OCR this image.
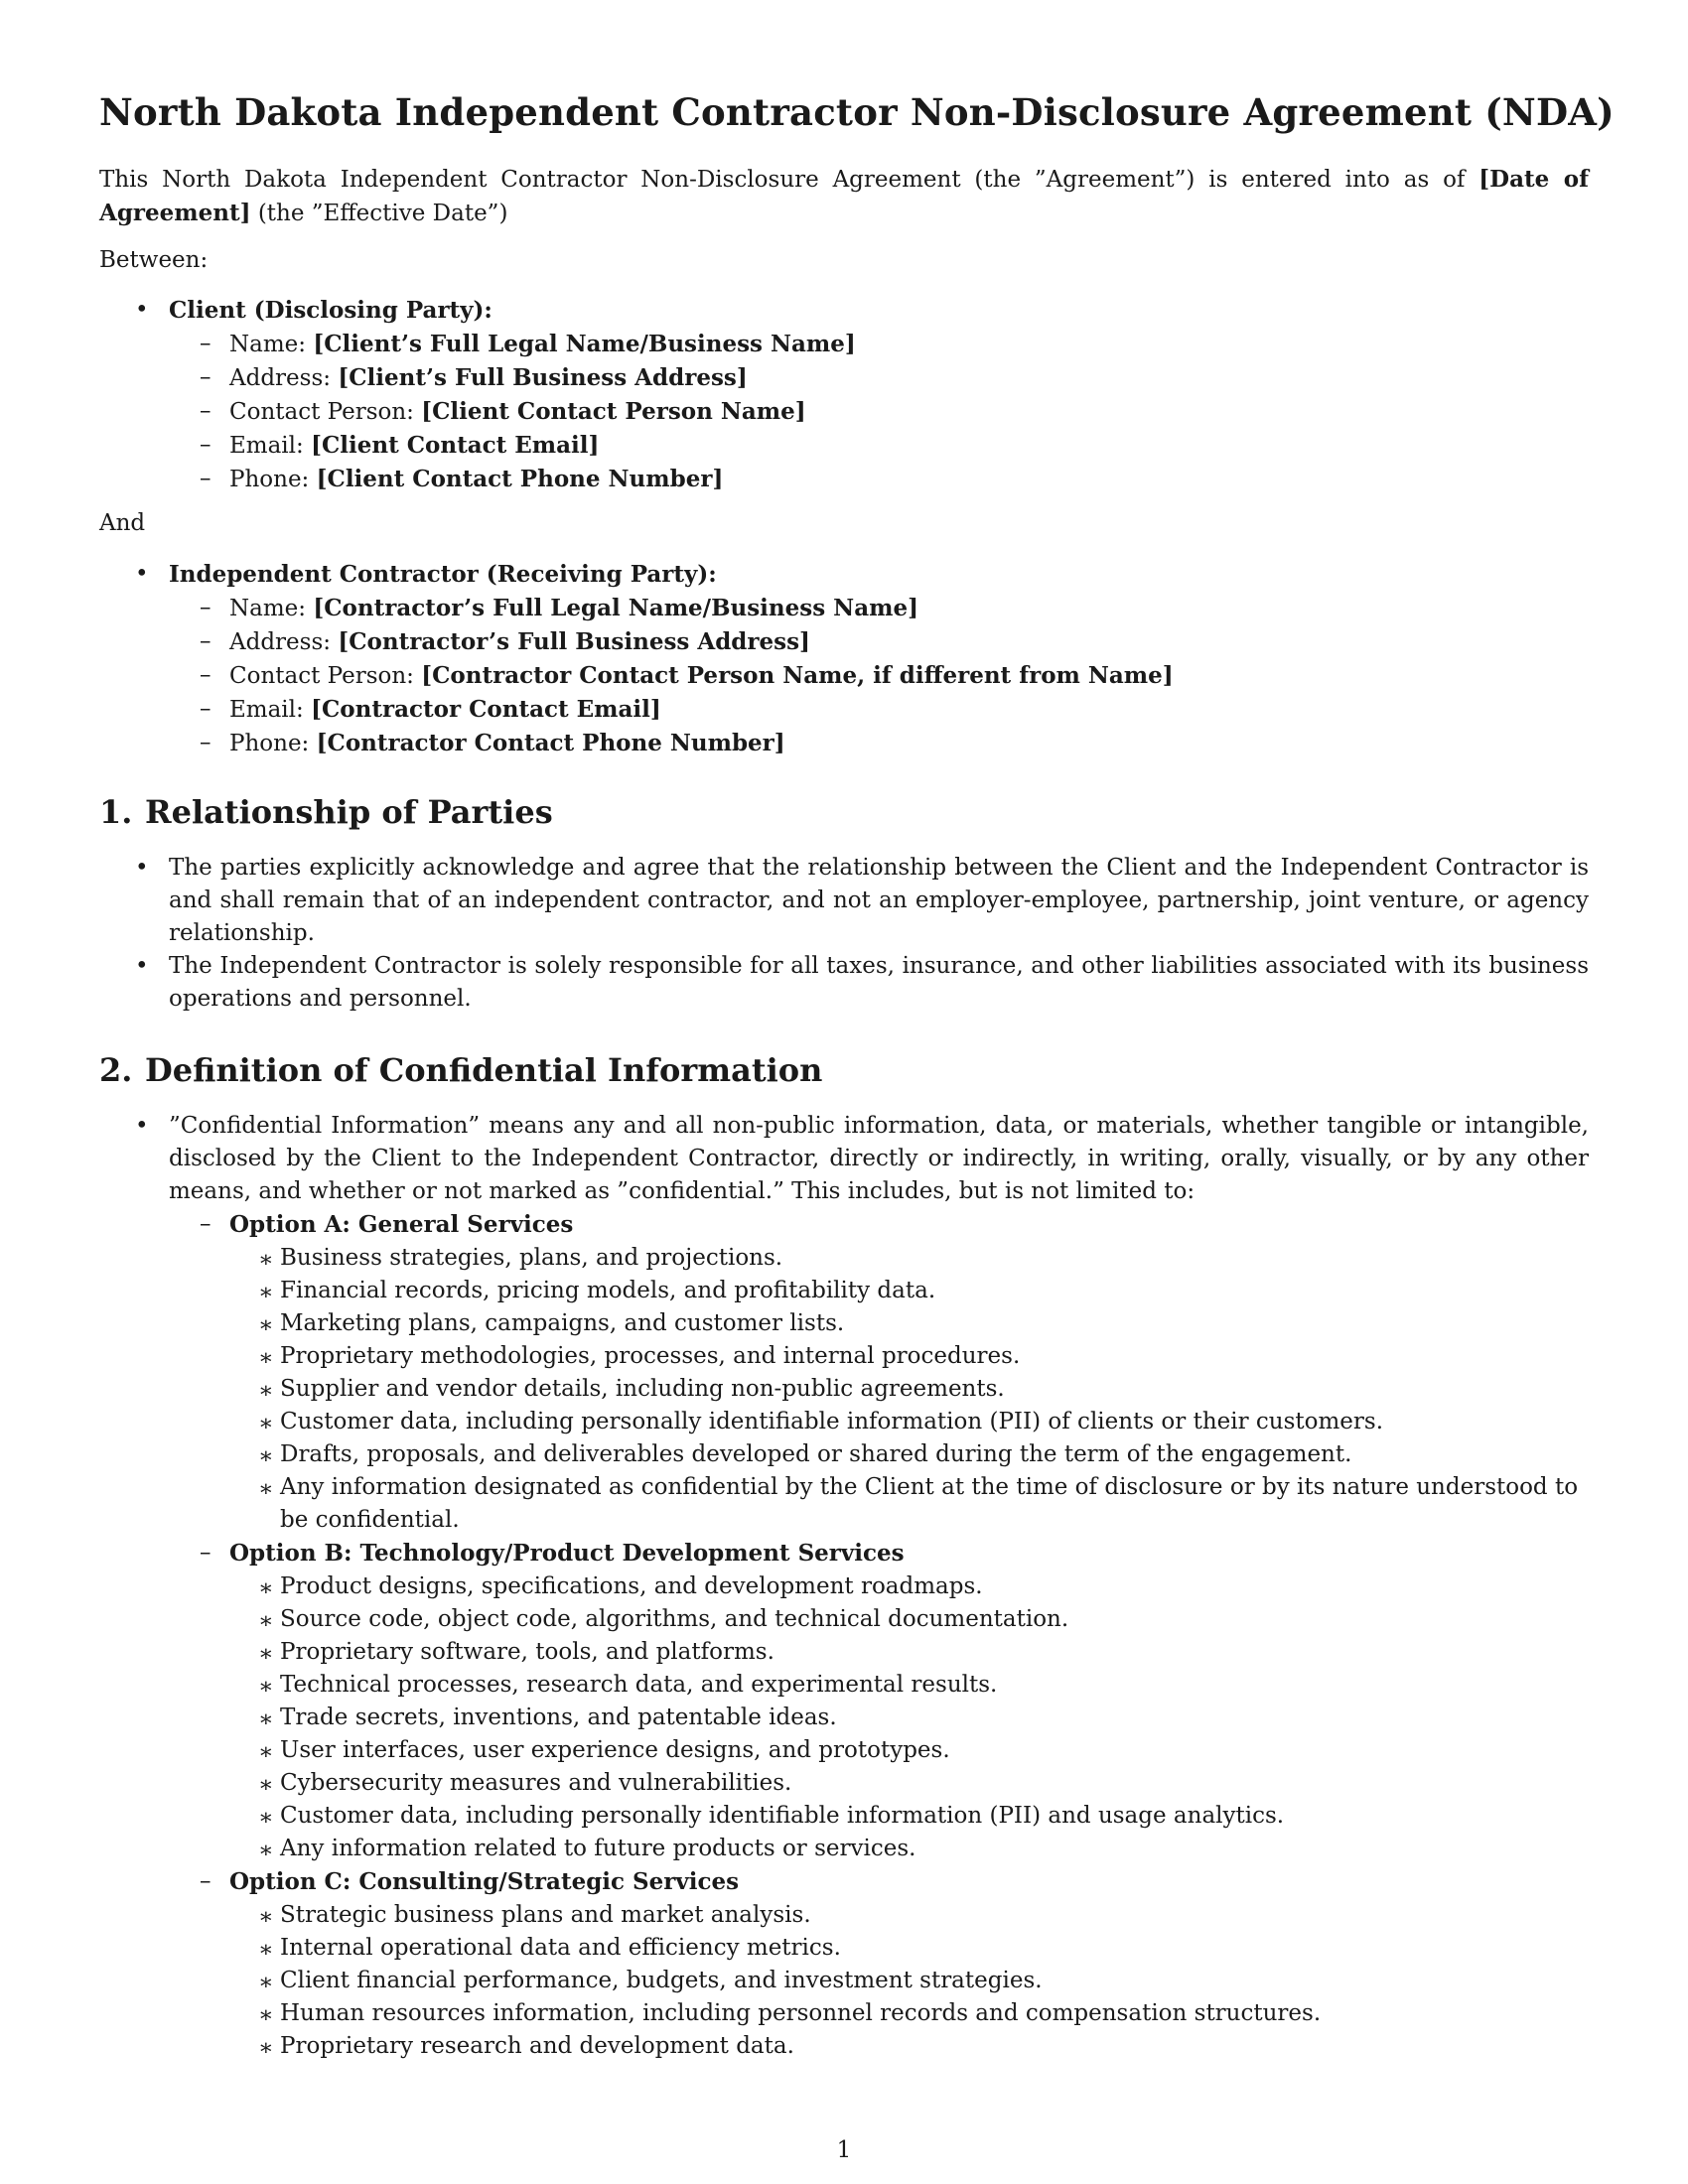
North Dakota Independent Contractor Non-Disclosure Agreement (NDA)

This North Dakota Independent Contractor Non-Disclosure Agreement (the ”Agreement”) is entered into as of [Date of Agreement] (the ”Effective Date”)

Between:

• Client (Disclosing Party):
– Name: [Client’s Full Legal Name/Business Name]
– Address: [Client’s Full Business Address]
– Contact Person: [Client Contact Person Name]
– Email: [Client Contact Email]
– Phone: [Client Contact Phone Number]

And

• Independent Contractor (Receiving Party):
– Name: [Contractor’s Full Legal Name/Business Name]
– Address: [Contractor’s Full Business Address]
– Contact Person: [Contractor Contact Person Name, if different from Name]
– Email: [Contractor Contact Email]
– Phone: [Contractor Contact Phone Number]
1. Relationship of Parties
• The parties explicitly acknowledge and agree that the relationship between the Client and the Independent Contractor is and shall remain that of an independent contractor, and not an employer-employee, partnership, joint venture, or agency relationship.
• The Independent Contractor is solely responsible for all taxes, insurance, and other liabilities associated with its business operations and personnel.
2. Definition of Confidential Information
• ”Confidential Information” means any and all non-public information, data, or materials, whether tangible or intangible, disclosed by the Client to the Independent Contractor, directly or indirectly, in writing, orally, visually, or by any other means, and whether or not marked as ”confidential.” This includes, but is not limited to:
– Option A: General Services
∗ Business strategies, plans, and projections.
∗ Financial records, pricing models, and profitability data.
∗ Marketing plans, campaigns, and customer lists.
∗ Proprietary methodologies, processes, and internal procedures.
∗ Supplier and vendor details, including non-public agreements.
∗ Customer data, including personally identifiable information (PII) of clients or their customers.
∗ Drafts, proposals, and deliverables developed or shared during the term of the engagement.
∗ Any information designated as confidential by the Client at the time of disclosure or by its nature understood to be confidential.
– Option B: Technology/Product Development Services
∗ Product designs, specifications, and development roadmaps.
∗ Source code, object code, algorithms, and technical documentation.
∗ Proprietary software, tools, and platforms.
∗ Technical processes, research data, and experimental results.
∗ Trade secrets, inventions, and patentable ideas.
∗ User interfaces, user experience designs, and prototypes.
∗ Cybersecurity measures and vulnerabilities.
∗ Customer data, including personally identifiable information (PII) and usage analytics.
∗ Any information related to future products or services.
– Option C: Consulting/Strategic Services
∗ Strategic business plans and market analysis.
∗ Internal operational data and efficiency metrics.
∗ Client financial performance, budgets, and investment strategies.
∗ Human resources information, including personnel records and compensation structures.
∗ Proprietary research and development data.
1
